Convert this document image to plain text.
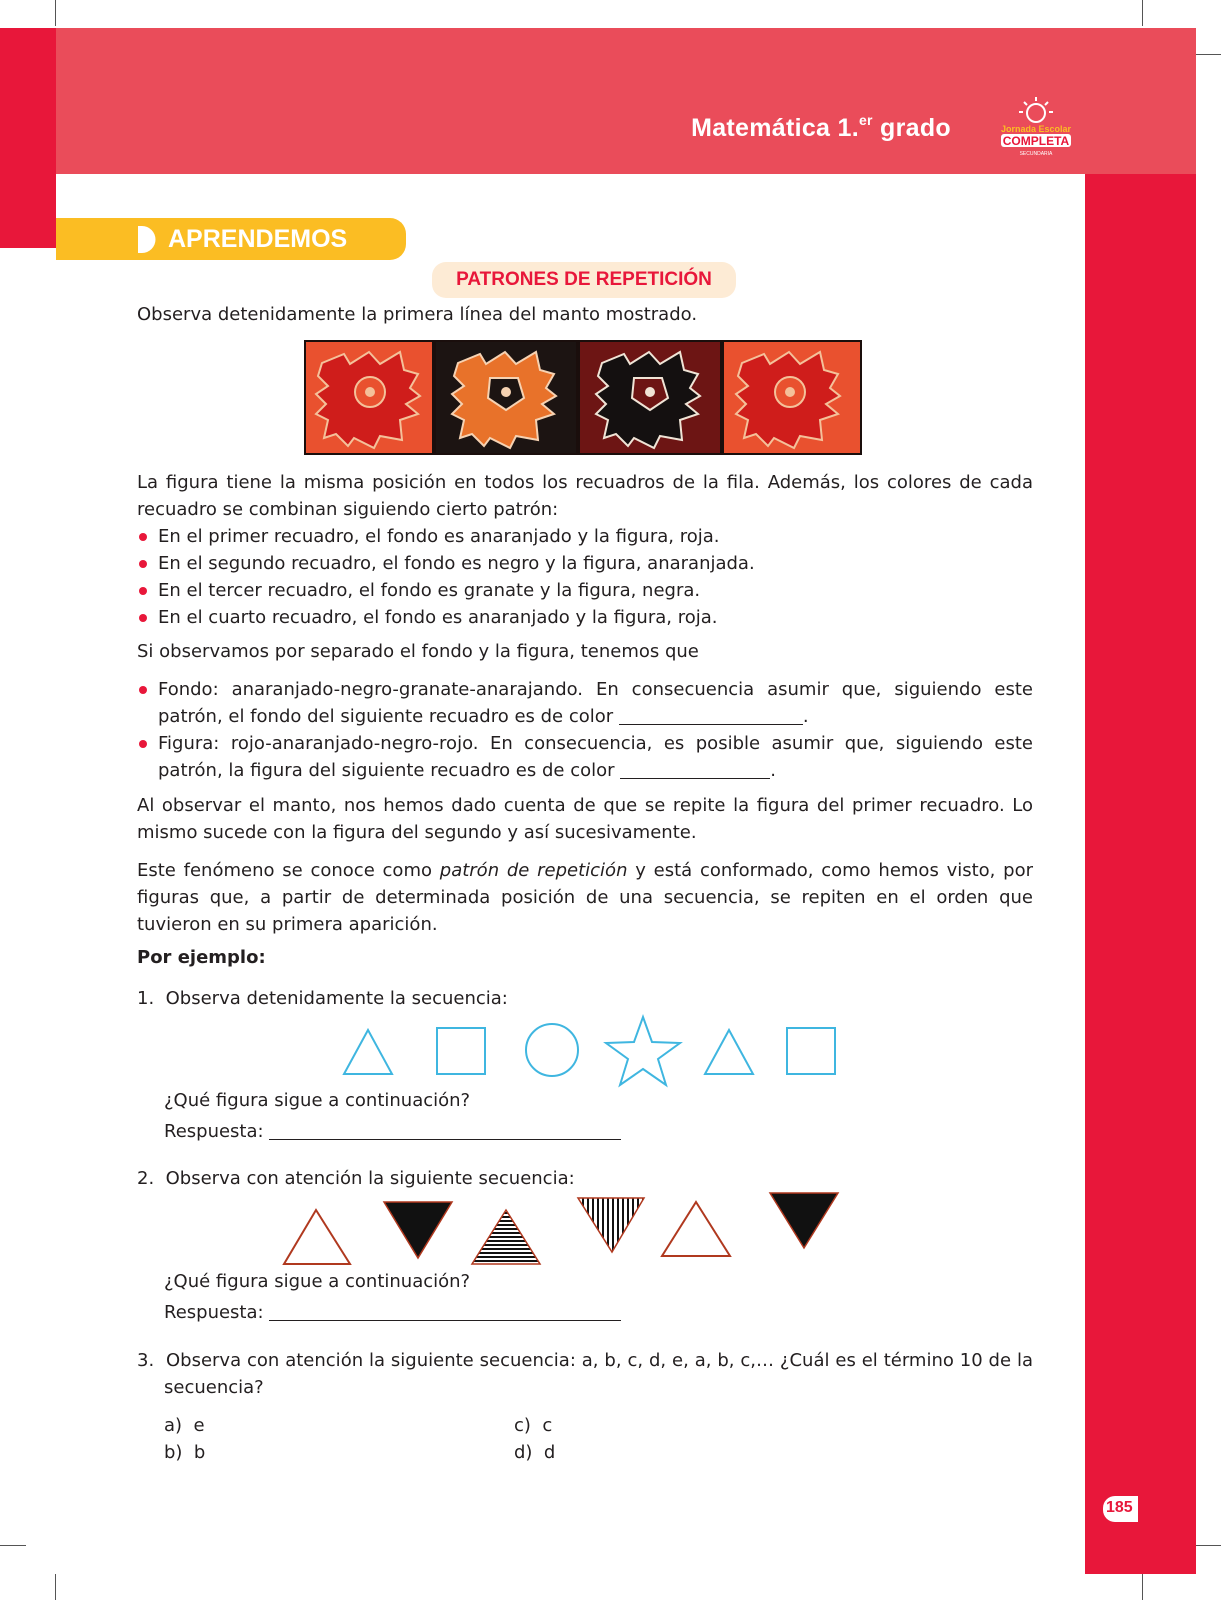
Matemática 1.$^{er}$ grado	Jornada Escolar
COMPLETA
SECUNDARIA
APRENDEMOS
PATRONES DE REPETICIÓN

Observa detenidamente la primera línea del manto mostrado.

La figura tiene la misma posición en todos los recuadros de la fila. Además, los colores de cada recuadro se combinan siguiendo cierto patrón:

En el primer recuadro, el fondo es anaranjado y la figura, roja.
En el segundo recuadro, el fondo es negro y la figura, anaranjada.
En el tercer recuadro, el fondo es granate y la figura, negra.
En el cuarto recuadro, el fondo es anaranjado y la figura, roja.

Si observamos por separado el fondo y la figura, tenemos que

Fondo: anaranjado-negro-granate-anarajando. En consecuencia asumir que, siguiendo este patrón, el fondo del siguiente recuadro es de color	.
Figura: rojo-anaranjado-negro-rojo. En consecuencia, es posible asumir que, siguiendo este patrón, la figura del siguiente recuadro es de color	.

Al observar el manto, nos hemos dado cuenta de que se repite la figura del primer recuadro. Lo mismo sucede con la figura del segundo y así sucesivamente.

Este fenómeno se conoce como patrón de repetición y está conformado, como hemos visto, por figuras que, a partir de determinada posición de una secuencia, se repiten en el orden que tuvieron en su primera aparición.

Por ejemplo:

1. Observa detenidamente la secuencia:

¿Qué figura sigue a continuación?

Respuesta:

2. Observa con atención la siguiente secuencia:

¿Qué figura sigue a continuación?

Respuesta:

3. Observa con atención la siguiente secuencia: a, b, c, d, e, a, b, c,… ¿Cuál es el término 10 de la secuencia?

a) e
b) b
c) c
d) d
185
